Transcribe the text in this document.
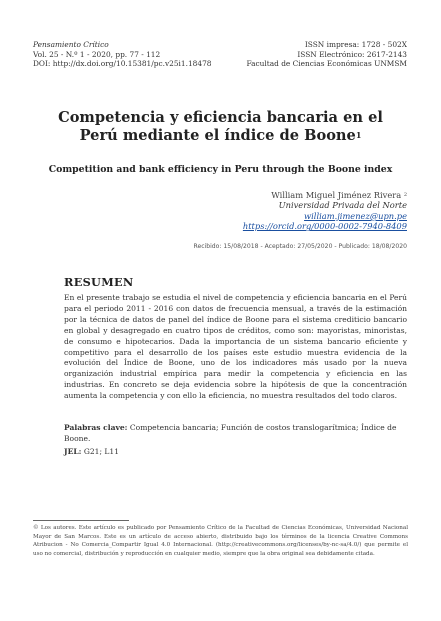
Pensamiento Crítico
Vol. 25 - N.º 1 - 2020, pp. 77 - 112
DOI: http://dx.doi.org/10.15381/pc.v25i1.18478
ISSN impresa: 1728 - 502X
ISSN Electrónico: 2617-2143
Facultad de Ciencias Económicas UNMSM
Competencia y eficiencia bancaria en el
Perú mediante el índice de Boone$^1$
Competition and bank efficiency in Peru through the Boone index
William Miguel Jiménez Rivera $^2$
Universidad Privada del Norte
william.jimenez@upn.pe
https://orcid.org/0000-0002-7940-8409
Recibido: 15/08/2018 - Aceptado: 27/05/2020 - Publicado: 18/08/2020
RESUMEN
En el presente trabajo se estudia el nivel de competencia y eficiencia bancaria en el Perú para el periodo 2011 - 2016 con datos de frecuencia mensual, a través de la estimación por la técnica de datos de panel del índice de Boone para el sistema crediticio bancario en global y desagregado en cuatro tipos de créditos, como son: mayoristas, minoristas, de consumo e hipotecarios. Dada la importancia de un sistema bancario eficiente y competitivo para el desarrollo de los países este estudio muestra evidencia de la evolución del Índice de Boone, uno de los indicadores más usado por la nueva organización industrial empírica para medir la competencia y eficiencia en las industrias. En concreto se deja evidencia sobre la hipótesis de que la concentración aumenta la competencia y con ello la eficiencia, no muestra resultados del todo claros.
Palabras clave: Competencia bancaria; Función de costos translogarítmica; Índice de Boone.
JEL: G21; L11
© Los autores. Este artículo es publicado por Pensamiento Crítico de la Facultad de Ciencias Económicas, Universidad Nacional Mayor de San Marcos. Este es un artículo de acceso abierto, distribuido bajo los términos de la licencia Creative Commons Atribucion - No Comercia_Compartir Igual 4.0 Internacional. (http://creativecommons.org/licenses/by-nc-sa/4.0/) que permite el uso no comercial, distribución y reproducción en cualquier medio, siempre que la obra original sea debidamente citada.
